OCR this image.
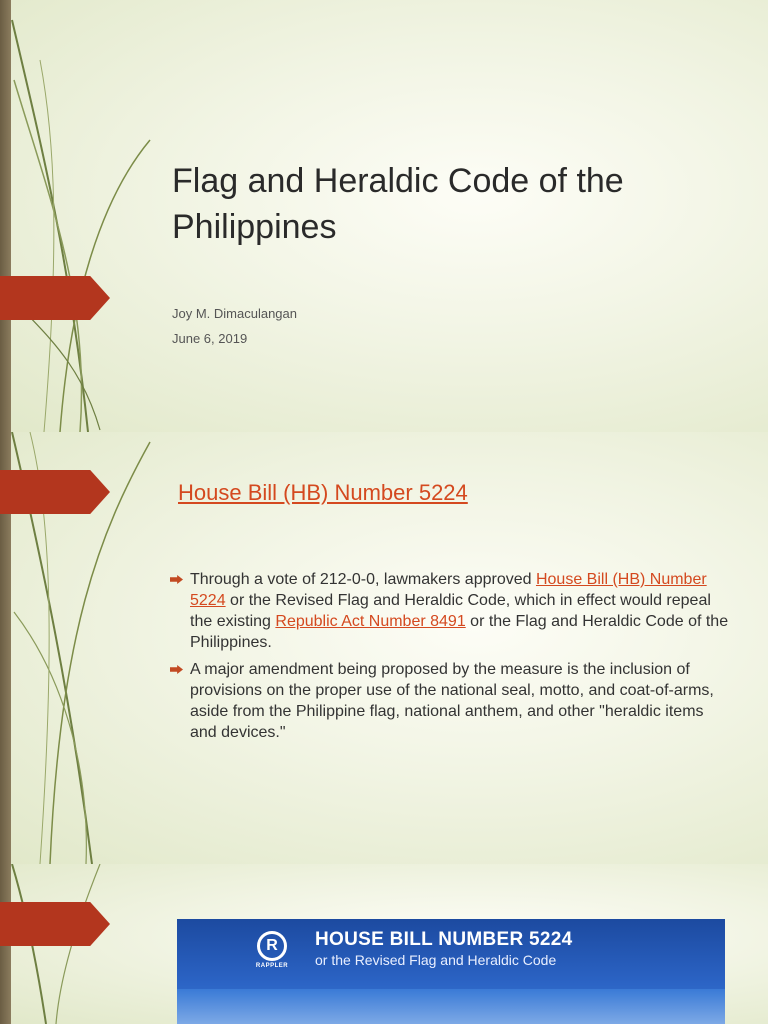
Flag and Heraldic Code of the Philippines
Joy M. Dimaculangan
June 6, 2019
House Bill (HB) Number 5224
Through a vote of 212-0-0, lawmakers approved House Bill (HB) Number 5224 or the Revised Flag and Heraldic Code, which in effect would repeal the existing Republic Act Number 8491 or the Flag and Heraldic Code of the Philippines.
A major amendment being proposed by the measure is the inclusion of provisions on the proper use of the national seal, motto, and coat-of-arms, aside from the Philippine flag, national anthem, and other "heraldic items and devices."
R
RAPPLER
HOUSE BILL NUMBER 5224
or the Revised Flag and Heraldic Code
